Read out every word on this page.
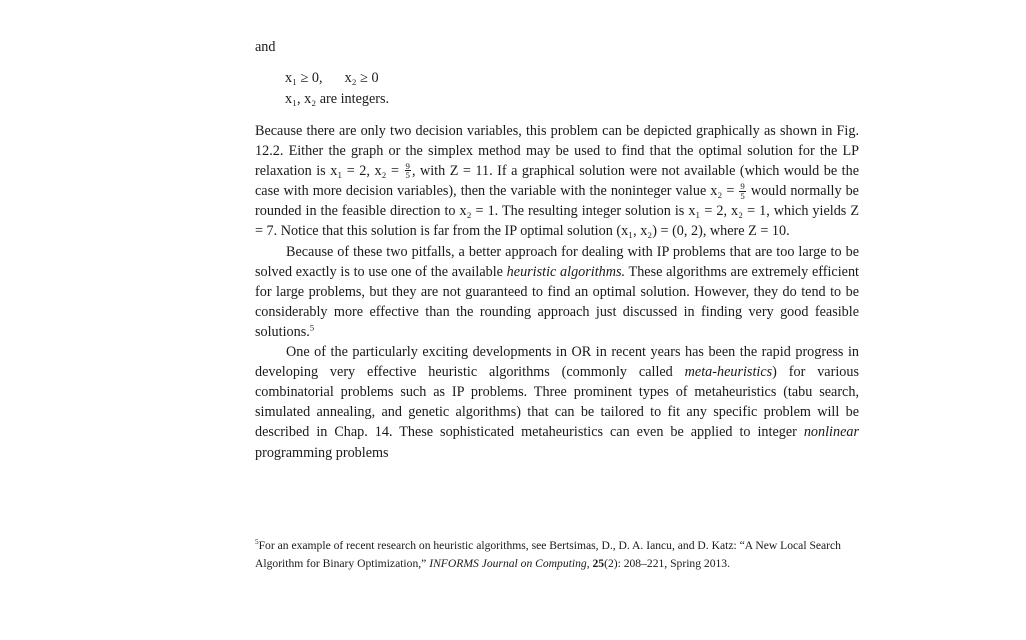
and
x₁ ≥ 0, x₂ ≥ 0
x₁, x₂ are integers.

Because there are only two decision variables, this problem can be depicted graphically as shown in Fig. 12.2. Either the graph or the simplex method may be used to find that the optimal solution for the LP relaxation is x₁ = 2, $x_2 = \frac{9}{5}$ , with Z = 11. If a graphical solution were not available (which would be the case with more decision variables), then the variable with the noninteger value $x_2 = \frac{9}{5}$ would normally be rounded in the feasible direction to x₂ = 1. The resulting integer solution is x₁ = 2, x₂ = 1, which yields Z = 7. Notice that this solution is far from the IP optimal solution (x₁, x₂) = (0, 2), where Z = 10.

Because of these two pitfalls, a better approach for dealing with IP problems that are too large to be solved exactly is to use one of the available heuristic algorithms. These algorithms are extremely efficient for large problems, but they are not guaranteed to find an optimal solution. However, they do tend to be considerably more effective than the rounding approach just discussed in finding very good feasible solutions.$^5$

One of the particularly exciting developments in OR in recent years has been the rapid progress in developing very effective heuristic algorithms (commonly called meta-heuristics) for various combinatorial problems such as IP problems. Three prominent types of metaheuristics (tabu search, simulated annealing, and genetic algorithms) that can be tailored to fit any specific problem will be described in Chap. 14. These sophisticated metaheuristics can even be applied to integer nonlinear programming problems

$^5$For an example of recent research on heuristic algorithms, see Bertsimas, D., D. A. Iancu, and D. Katz: “A New Local Search Algorithm for Binary Optimization,” INFORMS Journal on Computing, 25(2): 208–221, Spring 2013.
